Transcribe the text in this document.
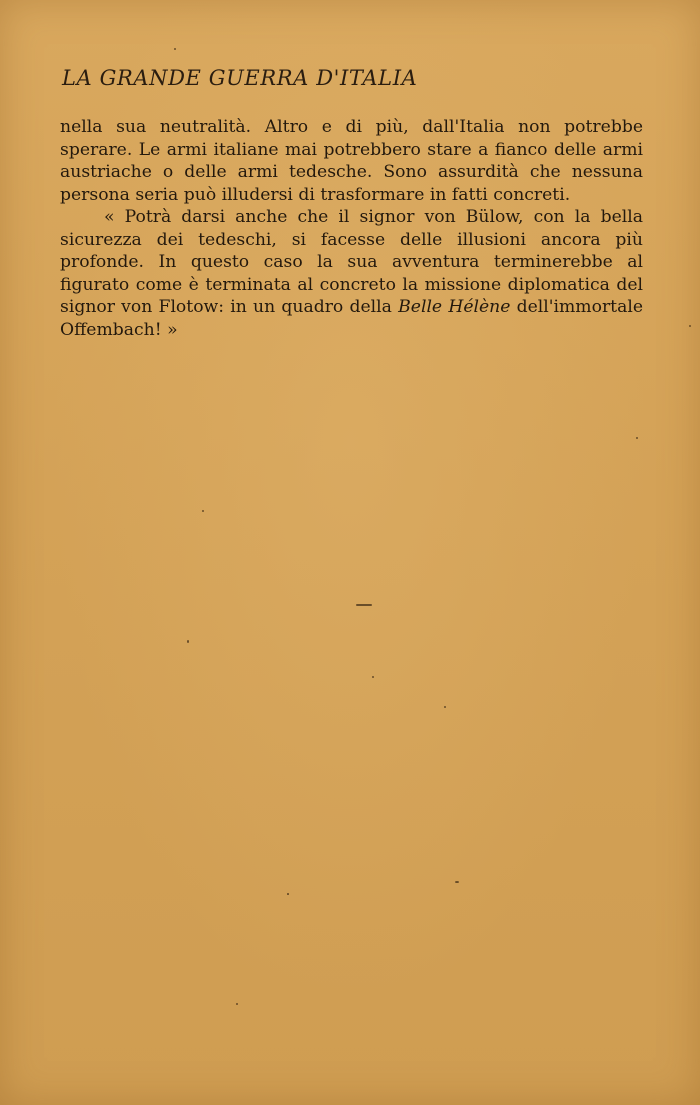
LA GRANDE GUERRA D'ITALIA

nella sua neutralità. Altro e di più, dall'Italia non potrebbe sperare. Le armi italiane mai potrebbero stare a fianco delle armi austriache o delle armi tedesche. Sono assurdità che nessuna persona seria può illudersi di trasformare in fatti concreti.

« Potrà darsi anche che il signor von Bülow, con la bella sicurezza dei tedeschi, si facesse delle illusioni ancora più profonde. In questo caso la sua avventura terminerebbe al figurato come è terminata al concreto la missione diplomatica del signor von Flotow: in un quadro della Belle Hélène dell'immortale Offembach! »
